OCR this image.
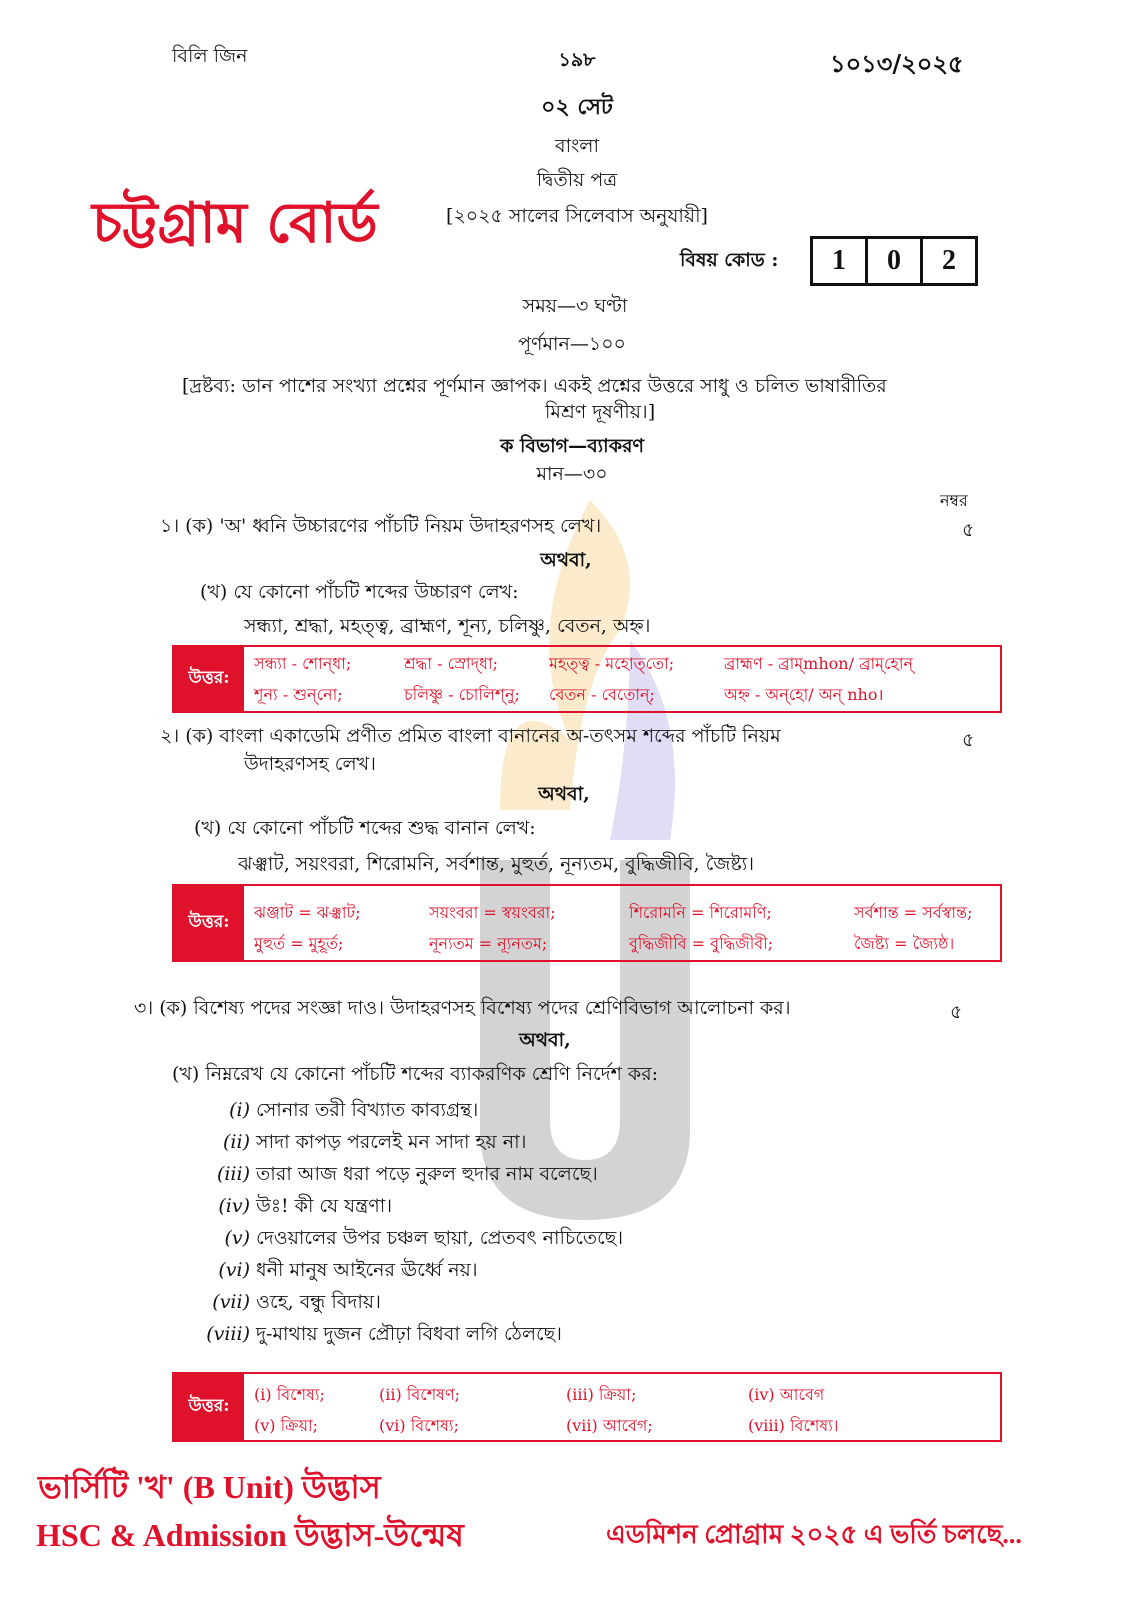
বিলি জিন	১৯৮	১০১৩/২০২৫
০২ সেট
বাংলা
দ্বিতীয় পত্র
[২০২৫ সালের সিলেবাস অনুযায়ী]
চট্টগ্রাম বোর্ড
বিষয় কোড :	1	0	2
সময়—৩ ঘণ্টা
পূর্ণমান—১০০
[দ্রষ্টব্য: ডান পাশের সংখ্যা প্রশ্নের পূর্ণমান জ্ঞাপক। একই প্রশ্নের উত্তরে সাধু ও চলিত ভাষারীতির
মিশ্রণ দূষণীয়।]
ক বিভাগ—ব্যাকরণ
মান—৩০
নম্বর
১। (ক) 'অ' ধ্বনি উচ্চারণের পাঁচটি নিয়ম উদাহরণসহ লেখ।	৫
অথবা,
(খ) যে কোনো পাঁচটি শব্দের উচ্চারণ লেখ:
সন্ধ্যা, শ্রদ্ধা, মহত্ত্ব, ব্রাহ্মণ, শূন্য, চলিষ্ণু, বেতন, অহ্ন।
উত্তর:
সন্ধ্যা - শোন্‌ধা;	শ্রদ্ধা - স্রোদ্‌ধা;	মহত্ত্ব - মহোত্‌তো;	ব্রাহ্মণ - ব্রাম্‌mhon/ ব্রাম্‌হোন্
শূন্য - শুন্‌নো;	চলিষ্ণু - চোলিশ্‌নু;	বেতন - বেতোন্;	অহ্ন - অন্‌হো/ অন্ nho।
২। (ক) বাংলা একাডেমি প্রণীত প্রমিত বাংলা বানানের অ-তৎসম শব্দের পাঁচটি নিয়ম
উদাহরণসহ লেখ।
৫
অথবা,
(খ) যে কোনো পাঁচটি শব্দের শুদ্ধ বানান লেখ:
ঝঞ্ঝাট, সয়ংবরা, শিরোমনি, সর্বশান্ত, মুহুর্ত, নূন্যতম, বুদ্ধিজীবি, জৈষ্ট্য।
উত্তর:	ঝঞ্জাট = ঝঞ্ঝাট;	সয়ংবরা = স্বয়ংবরা;	শিরোমনি = শিরোমণি;	সর্বশান্ত = সর্বস্বান্ত;
মুহুর্ত = মুহূর্ত;	নূন্যতম = ন্যূনতম;	বুদ্ধিজীবি = বুদ্ধিজীবী;	জৈষ্ট্য = জ্যৈষ্ঠ।
৩। (ক) বিশেষ্য পদের সংজ্ঞা দাও। উদাহরণসহ বিশেষ্য পদের শ্রেণিবিভাগ আলোচনা কর।	৫
অথবা,
(খ) নিম্নরেখ যে কোনো পাঁচটি শব্দের ব্যাকরণিক শ্রেণি নির্দেশ কর:
(i) সোনার তরী বিখ্যাত কাব্যগ্রন্থ।
(ii) সাদা কাপড় পরলেই মন সাদা হয় না।
(iii) তারা আজ ধরা পড়ে নুরুল হুদার নাম বলেছে।
(iv) উঃ! কী যে যন্ত্রণা।
(v) দেওয়ালের উপর চঞ্চল ছায়া, প্রেতবৎ নাচিতেছে।
(vi) ধনী মানুষ আইনের ঊর্ধ্বে নয়।
(vii) ওহে, বন্ধু বিদায়।
(viii) দু-মাথায় দুজন প্রৌঢ়া বিধবা লগি ঠেলছে।
উত্তর:
(i) বিশেষ্য;	(ii) বিশেষণ;	(iii) ক্রিয়া;	(iv) আবেগ
(v) ক্রিয়া;	(vi) বিশেষ্য;	(vii) আবেগ;	(viii) বিশেষ্য।
ভার্সিটি 'খ' (B Unit) উদ্ভাস
HSC & Admission উদ্ভাস-উন্মেষ	এডমিশন প্রোগ্রাম ২০২৫ এ ভর্তি চলছে...
